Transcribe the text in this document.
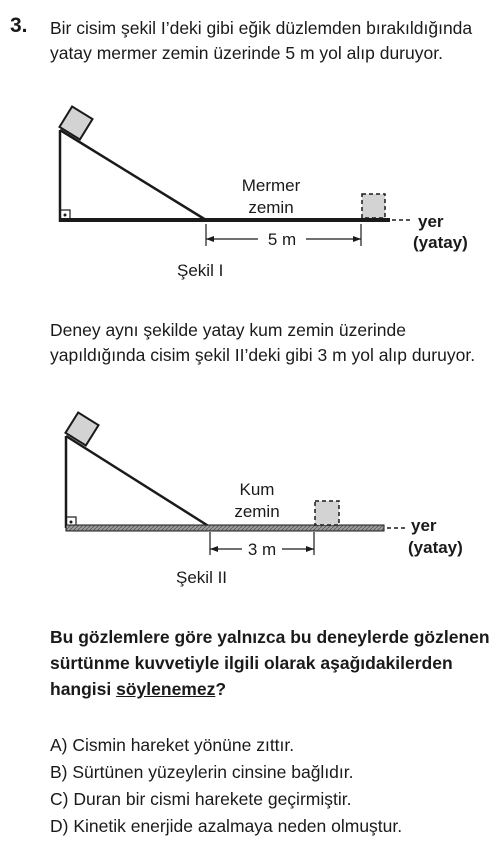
3. Bir cisim şekil I’deki gibi eğik düzlemden bırakıldığında yatay mermer zemin üzerinde 5 m yol alıp duruyor.

5 m
Mermer
zemin
yer
(yatay)
Şekil I

Deney aynı şekilde yatay kum zemin üzerinde yapıldığında cisim şekil II’deki gibi 3 m yol alıp duruyor.

3 m
Kum
zemin
yer
(yatay)
Şekil II

Bu gözlemlere göre yalnızca bu deneylerde gözlenen sürtünme kuvvetiyle ilgili olarak aşağıdakilerden hangisi söylenemez?

A) Cismin hareket yönüne zıttır.
B) Sürtünen yüzeylerin cinsine bağlıdır.
C) Duran bir cismi harekete geçirmiştir.
D) Kinetik enerjide azalmaya neden olmuştur.
